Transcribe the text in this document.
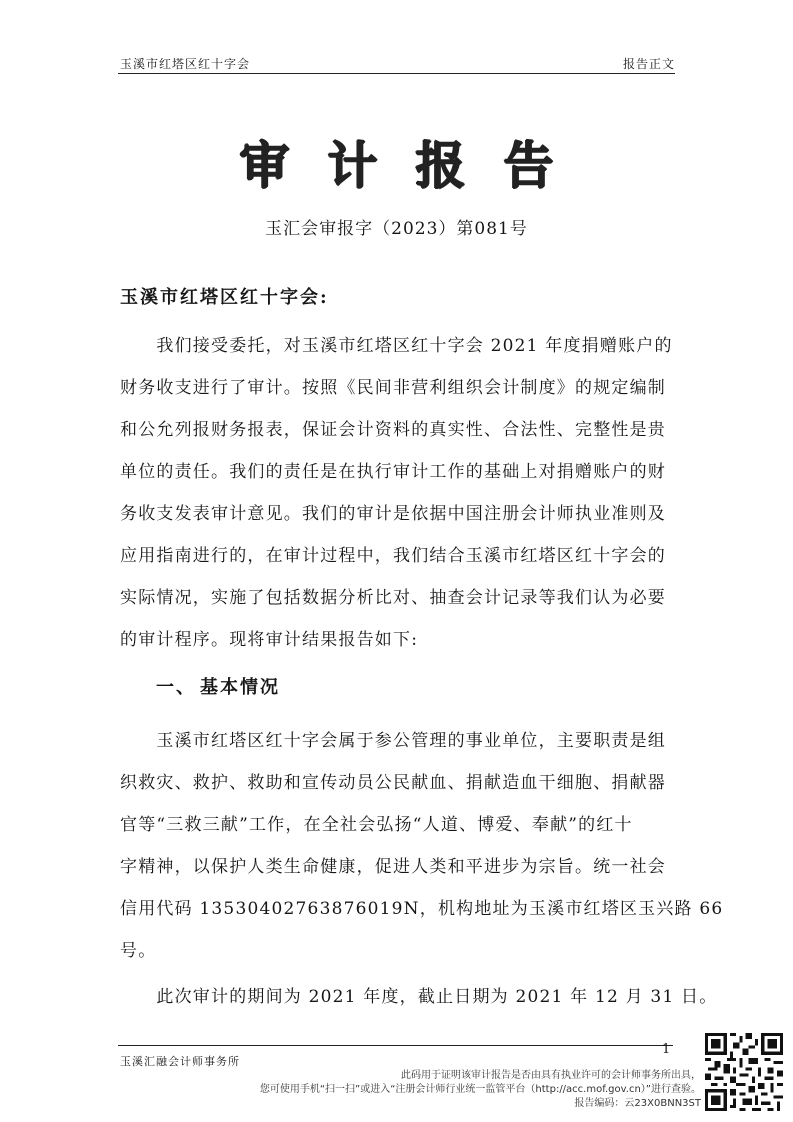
玉溪市红塔区红十字会	报告正文
审计报告
玉汇会审报字（2023）第081号
玉溪市红塔区红十字会:
　　我们接受委托，对玉溪市红塔区红十字会 2021 年度捐赠账户的
财务收支进行了审计。按照《民间非营利组织会计制度》的规定编制
和公允列报财务报表，保证会计资料的真实性、合法性、完整性是贵
单位的责任。我们的责任是在执行审计工作的基础上对捐赠账户的财
务收支发表审计意见。我们的审计是依据中国注册会计师执业准则及
应用指南进行的，在审计过程中，我们结合玉溪市红塔区红十字会的
实际情况，实施了包括数据分析比对、抽查会计记录等我们认为必要
的审计程序。现将审计结果报告如下:
一、 基本情况
　　玉溪市红塔区红十字会属于参公管理的事业单位，主要职责是组
织救灾、救护、救助和宣传动员公民献血、捐献造血干细胞、捐献器
官等“三救三献”工作，在全社会弘扬“人道、博爱、奉献”的红十
字精神，以保护人类生命健康，促进人类和平进步为宗旨。统一社会
信用代码 13530402763876019N，机构地址为玉溪市红塔区玉兴路 66
号。
　　此次审计的期间为 2021 年度，截止日期为 2021 年 12 月 31 日。
1
玉溪汇融会计师事务所
此码用于证明该审计报告是否由具有执业许可的会计师事务所出具，
您可使用手机“扫一扫”或进入“注册会计师行业统一监管平台（http://acc.mof.gov.cn）”进行查验。
报告编码：云23X0BNN3ST
